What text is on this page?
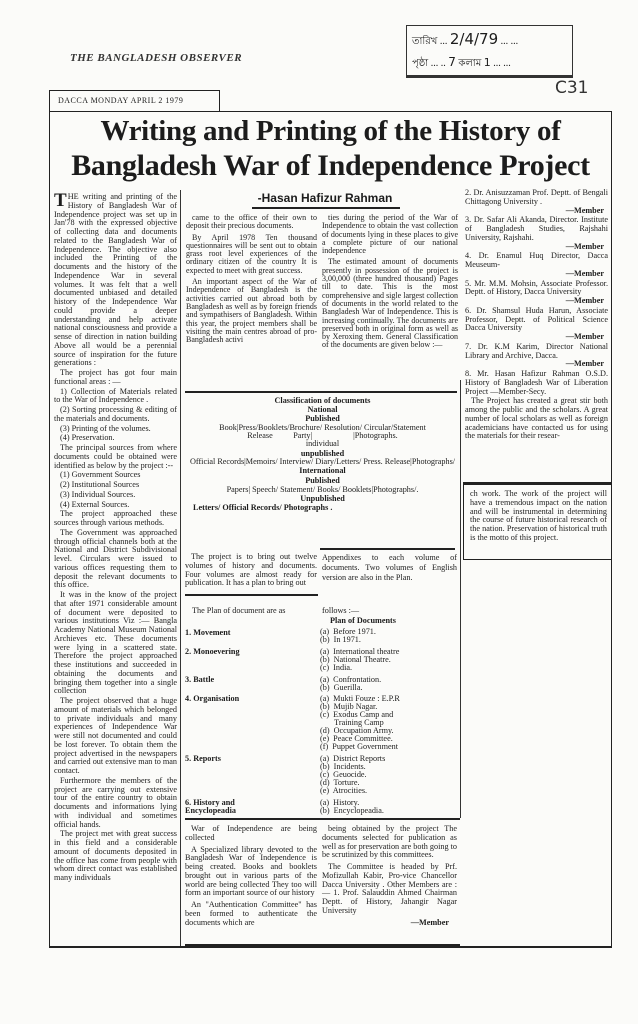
THE BANGLADESH OBSERVER
তারিখ ... 2/4/79 ... ...
পৃষ্ঠা ... .. 7 কলাম 1 ... ...
C31
DACCA MONDAY APRIL 2 1979
Writing and Printing of the History of
Bangladesh War of Independence Project
-Hasan Hafizur Rahman
T HE writing and printing of the History of Bangladesh War of Independence project was set up in Jan'78 with the expressed objective of collecting data and documents related to the Bangladesh War of Independence. The objective also included the Printing of the documents and the history of the Independence War in several volumes. It was felt that a well documented unbiased and detailed history of the Independence War could provide a deeper understanding and help activate national consciousness and provide a sense of direction in nation building Above all would be a perennial source of inspiration for the future generations :

The project has got four main functional areas : —

1) Collection of Materials related to the War of Independence .

(2) Sorting processing & editing of the materials and documents.

(3) Printing of the volumes.

(4) Preservation.

The principal sources from where documents could be obtained were identified as below by the project :--

(1) Government Sources

(2) Institutional Sources

(3) Individual Sources.

(4) External Sources.

The project approached these sources through various methods.

The Government was approached through official channels both at the National and District Subdivisional level. Circulars were issued to various offices requesting them to deposit the relevant documents to this office.

It was in the know of the project that after 1971 considerable amount of document were deposited to various institutions Viz :— Bangla Academy National Museum National Archieves etc. These documents were lying in a scattered state. Therefore the project approached these institutions and succeeded in obtaining the documents and bringing them together into a single collection

The project observed that a huge amount of materials which belonged to private individuals and many experiences of Independence War were still not documented and could be lost forever. To obtain them the project advertised in the newspapers and carried out extensive man to man contact.

Furthermore the members of the project are carrying out extensive tour of the entire country to obtain documents and informations lying with individual and sometimes official hands.

The project met with great success in this field and a considerable amount of documents deposited in the office has come from people with whom direct contact was established many individuals

came to the office of their own to deposit their precious documents.

By April 1978 Ten thousand questionnaires will be sent out to obtain grass root level experiences of the ordinary citizen of the country It is expected to meet with great success.

An important aspect of the War of Independence of Bangladesh is the activities carried out abroad both by Bangladesh as well as by foreign friends and sympathisers of Bangladesh. Within this year, the project members shall be visiting the main centres abroad of pro-Bangladesh activi

ties during the period of the War of Independence to obtain the vast collection of documents lying in these places to give a complete picture of our national independence

The estimated amount of documents presently in possession of the project is 3,00,000 (three hundred thousand) Pages till to date. This is the most comprehensive and sigle largest collection of documents in the world related to the Bangladesh War of Independence. This is increasing continually. The documents are preserved both in original form as well as by Xeroxing them. General Classification of the documents are given below :—

2. Dr. Anisuzzaman Prof. Deptt. of Bengali Chittagong University .
—Member
3. Dr. Safar Ali Akanda, Director. Institute of Bangladesh Studies, Rajshahi University, Rajshahi.
—Member
4. Dr. Enamul Huq Director, Dacca Meuseum-
—Member
5. Mr. M.M. Mohsin, Associate Professor. Deptt. of History, Dacca University
—Member
6. Dr. Shamsul Huda Harun, Associate Professor, Deptt. of Political Science Dacca University
—Member
7. Dr. K.M Karim, Director National Library and Archive, Dacca.
—Member
8. Mr. Hasan Hafizur Rahman O.S.D. History of Bangladesh War of Liberation Project —Member-Secy.

The Project has created a great stir both among the public and the scholars. A great number of local scholars as well as foreign academicians have contacted us for using the materials for their resear-

ch work. The work of the project will have a tremendous impact on the nation and will be instrumental in determining the course of future historical research of the nation. Preservation of historical truth is the motto of this project.

Classification of documents
National
Published
Book|Press/Booklets/Brochure/ Resolution/ Circular/Statement
Release          Party|                    |Photographs.
individual
unpublished
Official Records|Memoirs/ Interview/ Diary/Letters/ Press. Release|Photographs/
International
Published
Papers| Speech/ Statement/ Books/ Booklets|Photographs/.
Unpublished
Letters/ Official Records/ Photographs .

The project is to bring out twelve volumes of history and documents. Four volumes are almost ready for publication. It has a plan to bring out

Appendixes to each volume of documents. Two volumes of English version are also in the Plan.

The Plan of document are as	follows :—
Plan of Documents
1. Movement	(a)  Before 1971.
(b)  In 1971.
2. Monoevering	(a)  International theatre
(b)  National Theatre.
(c)  India.
3. Battle	(a)  Confrontation.
(b)  Guerilla.
4. Organisation	(a)  Mukti Fouze : E.P.R
(b)  Mujib Nagar.
(c)  Exodus Camp and
Training Camp
(d)  Occupation Army.
(e)  Peace Committee.
(f)  Puppet Government
5. Reports	(a)  District Reports
(b)  Incidents.
(c)  Geuocide.
(d)  Torture.
(e)  Atrocities.
6. History and Encyclopeadia
(a)  History.
(b)  Encyclopeadia.

War of Independence are being collected

A Specialized library devoted to the Bangladesh War of Independence is being created. Books and booklets brought out in various parts of the world are being collected They too will form an important source of our history

An "Authentication Committee" has been formed to authenticate the documents which are

being obtained by the project The documents selected for publication as well as for preservation are both going to be scrutinized by this committees.

The Committee is headed by Prf. Mofizullah Kabir, Pro-vice Chancellor Dacca University . Other Members are :— 1. Prof. Salauddin Ahmed Chairman Deptt. of History, Jahangir Nagar University

—Member
